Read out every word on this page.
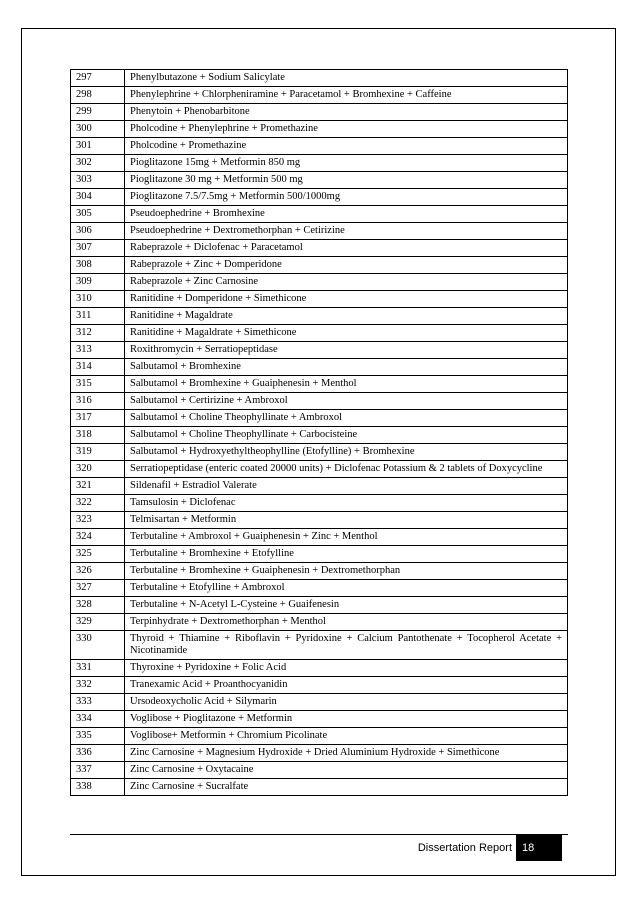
297	Phenylbutazone + Sodium Salicylate
298	Phenylephrine + Chlorpheniramine + Paracetamol + Bromhexine + Caffeine
299	Phenytoin + Phenobarbitone
300	Pholcodine + Phenylephrine + Promethazine
301	Pholcodine + Promethazine
302	Pioglitazone 15mg + Metformin 850 mg
303	Pioglitazone 30 mg + Metformin 500 mg
304	Pioglitazone 7.5/7.5mg + Metformin 500/1000mg
305	Pseudoephedrine + Bromhexine
306	Pseudoephedrine + Dextromethorphan + Cetirizine
307	Rabeprazole + Diclofenac + Paracetamol
308	Rabeprazole + Zinc + Domperidone
309	Rabeprazole + Zinc Carnosine
310	Ranitidine + Domperidone + Simethicone
311	Ranitidine + Magaldrate
312	Ranitidine + Magaldrate + Simethicone
313	Roxithromycin + Serratiopeptidase
314	Salbutamol + Bromhexine
315	Salbutamol + Bromhexine + Guaiphenesin + Menthol
316	Salbutamol + Certirizine + Ambroxol
317	Salbutamol + Choline Theophyllinate + Ambroxol
318	Salbutamol + Choline Theophyllinate + Carbocisteine
319	Salbutamol + Hydroxyethyltheophylline (Etofylline) + Bromhexine
320	Serratiopeptidase (enteric coated 20000 units) + Diclofenac Potassium & 2 tablets of Doxycycline
321	Sildenafil + Estradiol Valerate
322	Tamsulosin + Diclofenac
323	Telmisartan + Metformin
324	Terbutaline + Ambroxol + Guaiphenesin + Zinc + Menthol
325	Terbutaline + Bromhexine + Etofylline
326	Terbutaline + Bromhexine + Guaiphenesin + Dextromethorphan
327	Terbutaline + Etofylline + Ambroxol
328	Terbutaline + N-Acetyl L-Cysteine + Guaifenesin
329	Terpinhydrate + Dextromethorphan + Menthol
330	Thyroid + Thiamine + Riboflavin + Pyridoxine + Calcium Pantothenate + Tocopherol Acetate + Nicotinamide
331	Thyroxine + Pyridoxine + Folic Acid
332	Tranexamic Acid + Proanthocyanidin
333	Ursodeoxycholic Acid + Silymarin
334	Voglibose + Pioglitazone + Metformin
335	Voglibose+ Metformin + Chromium Picolinate
336	Zinc Carnosine + Magnesium Hydroxide + Dried Aluminium Hydroxide + Simethicone
337	Zinc Carnosine + Oxytacaine
338	Zinc Carnosine + Sucralfate
Dissertation Report 18
